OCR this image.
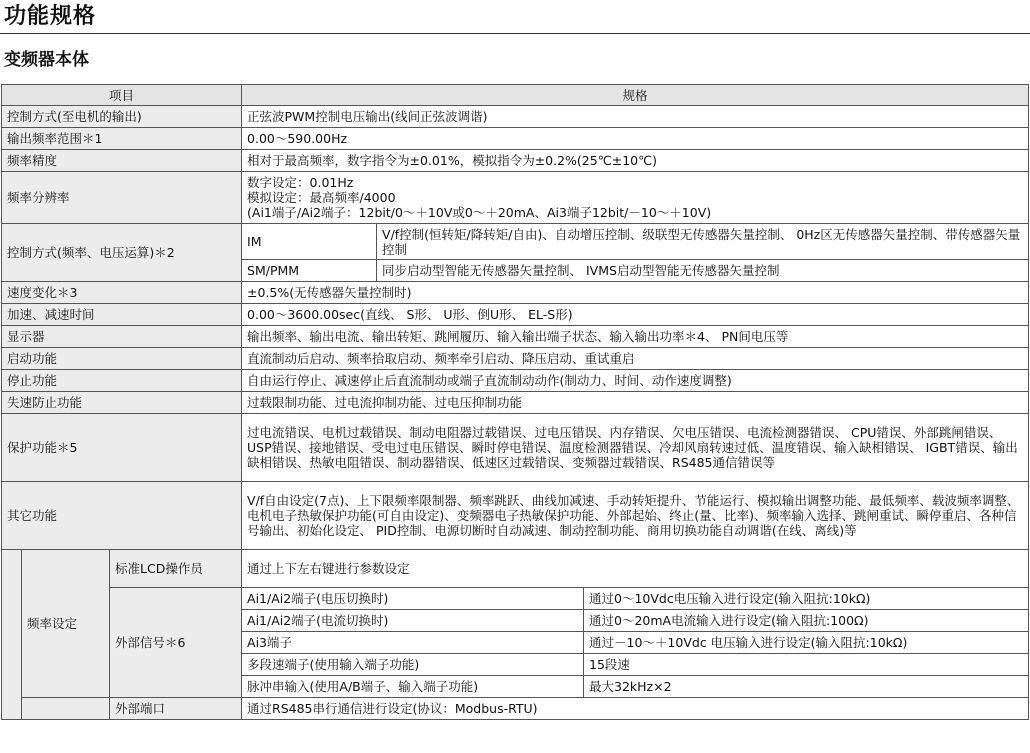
功能规格
变频器本体
项目			规格		
控制方式(至电机的输出)			正弦波PWM控制电压输出(线间正弦波调谐)		
输出频率范围＊1			0.00～590.00Hz		
频率精度			相对于最高频率，数字指令为±0.01%，模拟指令为±0.2%(25℃±10℃)		
频率分辨率			数字设定：0.01Hz
模拟设定：最高频率/4000
(Ai1端子/Ai2端子：12bit/0～＋10V或0～＋20mA、Ai3端子12bit/－10～＋10V)		

控制方式(频率、电压运算)＊2			IM	V/f控制(恒转矩/降转矩/自由)、自动增压控制、级联型无传感器矢量控制、 0Hz区无传感器矢量控制、带传感器矢量控制	
			SM/PMM	同步启动型智能无传感器矢量控制、 IVMS启动型智能无传感器矢量控制	
速度变化＊3			±0.5%(无传感器矢量控制时)		
加速、减速时间			0.00～3600.00sec(直线、 S形、 U形、倒U形、 EL-S形)		
显示器			输出频率、输出电流、输出转矩、跳闸履历、输入输出端子状态、输入输出功率＊4、 PN间电压等		
启动功能			直流制动后启动、频率拾取启动、频率牵引启动、降压启动、重试重启		
停止功能			自由运行停止、减速停止后直流制动或端子直流制动动作(制动力、时间、动作速度调整)		
失速防止功能			过载限制功能、过电流抑制功能、过电压抑制功能		
保护功能＊5			过电流错误、电机过载错误、制动电阻器过载错误、过电压错误、内存错误、欠电压错误、电流检测器错误、 CPU错误、外部跳闸错误、 USP错误、接地错误、受电过电压错误、瞬时停电错误、温度检测器错误、冷却风扇转速过低、温度错误、输入缺相错误、 IGBT错误、输出缺相错误、热敏电阻错误、制动器错误、低速区过载错误、变频器过载错误、RS485通信错误等		
其它功能			V/f自由设定(7点)、上下限频率限制器、频率跳跃、曲线加减速、手动转矩提升、节能运行、模拟输出调整功能、最低频率、载波频率调整、电机电子热敏保护功能(可自由设定)、变频器电子热敏保护功能、外部起始、终止(量、比率)、频率输入选择、跳闸重试、瞬停重启、各种信号输出、初始化设定、 PID控制、电源切断时自动减速、制动控制功能、商用切换功能自动调谐(在线、离线)等		
	频率设定	标准LCD操作员	通过上下左右键进行参数设定		
		外部信号＊6	Ai1/Ai2端子(电压切换时)		通过0～10Vdc电压输入进行设定(输入阻抗:10kΩ)
			Ai1/Ai2端子(电流切换时)		通过0～20mA电流输入进行设定(输入阻抗:100Ω)
			Ai3端子		通过－10～＋10Vdc 电压输入进行设定(输入阻抗:10kΩ)
			多段速端子(使用输入端子功能)		15段速
			脉冲串输入(使用A/B端子、输入端子功能)		最大32kHz×2
		外部端口	通过RS485串行通信进行设定(协议：Modbus-RTU)		
